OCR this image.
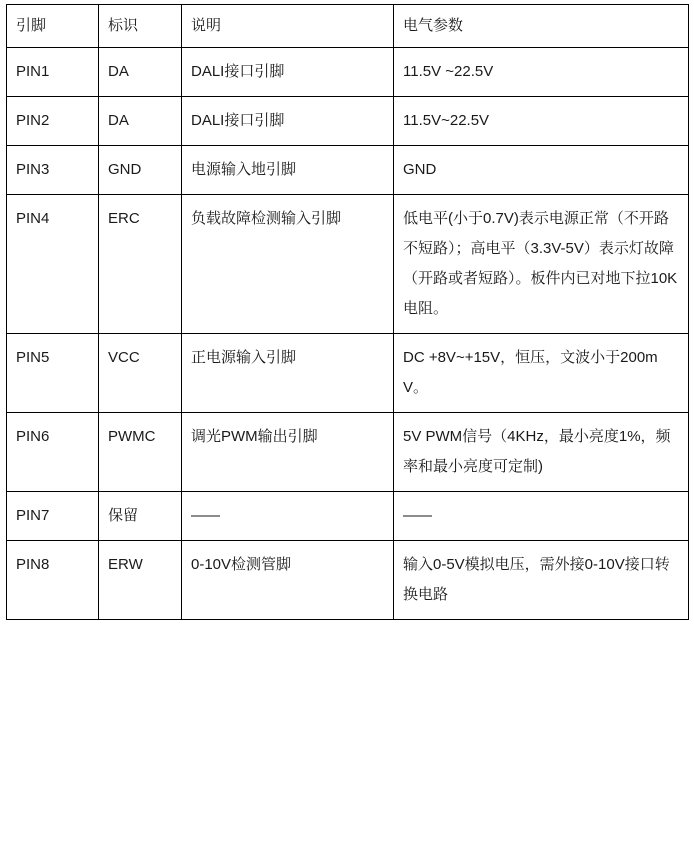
引脚	标识	说明	电气参数
PIN1	DA	DALI接口引脚	11.5V ~22.5V
PIN2	DA	DALI接口引脚	11.5V~22.5V
PIN3	GND	电源输入地引脚	GND
PIN4	ERC	负载故障检测输入引脚	低电平(小于0.7V)表示电源正常（不开路不短路）；高电平（3.3V-5V）表示灯故障（开路或者短路）。板件内已对地下拉10K电阻。
PIN5	VCC	正电源输入引脚	DC +8V~+15V，恒压，文波小于200mV。
PIN6	PWMC	调光PWM输出引脚	5V PWM信号（4KHz，最小亮度1%，频率和最小亮度可定制)
PIN7	保留	——	——
PIN8	ERW	0-10V检测管脚	输入0-5V模拟电压，需外接0-10V接口转换电路
